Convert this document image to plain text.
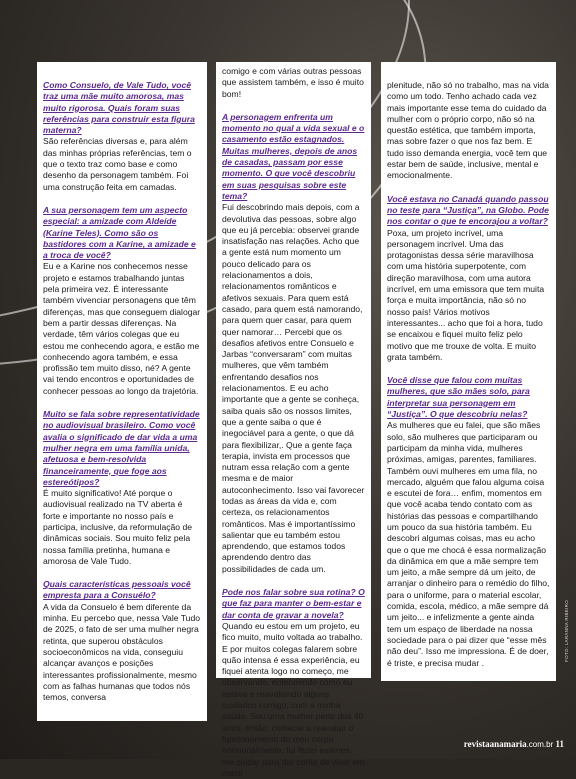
Como Consuelo, de Vale Tudo, você traz uma mãe muito amorosa, mas muito rigorosa. Quais foram suas referências para construir esta figura materna?
São referências diversas e, para além das minhas próprias referências, tem o que o texto traz como base e como desenho da personagem também. Foi uma construção feita em camadas.
A sua personagem tem um aspecto especial: a amizade com Aldeíde (Karine Teles). Como são os bastidores com a Karine, a amizade e a troca de você?
Eu e a Karine nos conhecemos nesse projeto e estamos trabalhando juntas pela primeira vez. É interessante também vivenciar personagens que têm diferenças, mas que conseguem dialogar bem a partir dessas diferenças. Na verdade, têm vários colegas que eu estou me conhecendo agora, e estão me conhecendo agora também, e essa profissão tem muito disso, né? A gente vai tendo encontros e oportunidades de conhecer pessoas ao longo da trajetória.
Muito se fala sobre representatividade no audiovisual brasileiro. Como você avalia o significado de dar vida a uma mulher negra em uma família unida, afetuosa e bem-resolvida financeiramente, que foge aos estereótipos?
É muito significativo! Até porque o audiovisual realizado na TV aberta é forte e importante no nosso país e participa, inclusive, da reformulação de dinâmicas sociais. Sou muito feliz pela nossa família pretinha, humana e amorosa de Vale Tudo.
Quais características pessoais você empresta para a Consuélo?
A vida da Consuelo é bem diferente da minha. Eu percebo que, nessa Vale Tudo de 2025, o fato de ser uma mulher negra retinta, que superou obstáculos socioeconômicos na vida, conseguiu alcançar avanços e posições interessantes profissionalmente, mesmo com as falhas humanas que todos nós temos, conversa
comigo e com várias outras pessoas que assistem também, e isso é muito bom!
A personagem enfrenta um momento no qual a vida sexual e o casamento estão estagnados. Muitas mulheres, depois de anos de casadas, passam por esse momento. O que você descobriu em suas pesquisas sobre este tema?
Fui descobrindo mais depois, com a devolutiva das pessoas, sobre algo que eu já percebia: observei grande insatisfação nas relações. Acho que a gente está num momento um pouco delicado para os relacionamentos a dois, relacionamentos românticos e afetivos sexuais. Para quem está casado, para quem está namorando, para quem quer casar, para quem quer namorar… Percebi que os desafios afetivos entre Consuelo e Jarbas “conversaram” com muitas mulheres, que vêm também enfrentando desafios nos relacionamentos. E eu acho importante que a gente se conheça, saiba quais são os nossos limites, que a gente saiba o que é inegociável para a gente, o que dá para flexibilizar,. Que a gente faça terapia, invista em processos que nutram essa relação com a gente mesma e de maior autoconhecimento. Isso vai favorecer todas as áreas da vida e, com certeza, os relacionamentos românticos. Mas é importantíssimo salientar que eu também estou aprendendo, que estamos todos aprendendo dentro das possibilidades de cada um.
Pode nos falar sobre sua rotina? O que faz para manter o bem-estar e dar conta de gravar a novela?
Quando eu estou em um projeto, eu fico muito, muito voltada ao trabalho. E por muitos colegas falarem sobre quão intensa é essa experiência, eu fiquei atenta logo no começo, me observando, entendendo como eu estava e reavaliando alguns cuidados comigo, com a minha saúde. Sou uma mulher perto dos 40 anos, então, comecei a reavaliar o funcionamento do meu corpo hormonalmente, fui fazer exames, me cuidar para dar conta de viver em maior
plenitude, não só no trabalho, mas na vida como um todo. Tenho achado cada vez mais importante esse tema do cuidado da mulher com o próprio corpo, não só na questão estética, que também importa, mas sobre fazer o que nos faz bem. E tudo isso demanda energia, você tem que estar bem de saúde, inclusive, mental e emocionalmente.
Você estava no Canadá quando passou no teste para “Justiça”, na Globo. Pode nos contar o que te encorajou a voltar?
Poxa, um projeto incrível, uma personagem incrível. Uma das protagonistas dessa série maravilhosa com uma história superpotente, com direção maravilhosa, com uma autora incrível, em uma emissora que tem muita força e muita importância, não só no nosso país! Vários motivos interessantes... acho que foi a hora, tudo se encaixou e fiquei muito feliz pelo motivo que me trouxe de volta. E muito grata também.
Você disse que falou com muitas mulheres, que são mães solo, para interpretar sua personagem em “Justiça”. O que descobriu nelas?
As mulheres que eu falei, que são mães solo, são mulheres que participaram ou participam da minha vida, mulheres próximas, amigas, parentes, familiares. Também ouvi mulheres em uma fila, no mercado, alguém que falou alguma coisa e escutei de fora… enfim, momentos em que você acaba tendo contato com as histórias das pessoas e compartilhando um pouco da sua história também. Eu descobri algumas coisas, mas eu acho que o que me chocá é essa normalização da dinâmica em que a mãe sempre tem um jeito, a mãe sempre dá um jeito, de arranjar o dinheiro para o remédio do filho, para o uniforme, para o material escolar, comida, escola, médico, a mãe sempre dá um jeito... e infelizmente a gente ainda tem um espaço de liberdade na nossa sociedade para o pai dizer que “esse mês não deu”. Isso me impressiona. É de doer, é triste, e precisa mudar .
FOTO: LARANNA RIBEIRO
revistaanamaria.com.br 11
